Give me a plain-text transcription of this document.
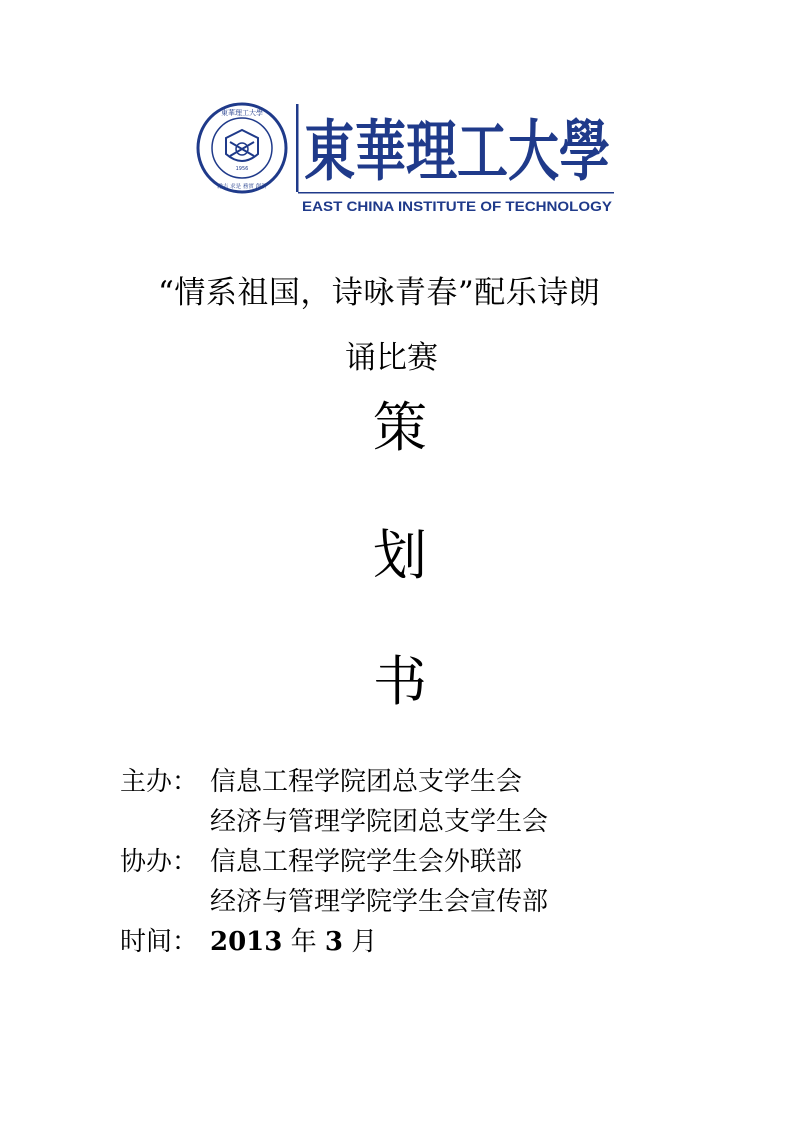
1956
東華理工大學
勵志 求是 務實 創新 東華理工大學
EAST CHINA INSTITUTE OF TECHNOLOGY
“情系祖国，诗咏青春”配乐诗朗
诵比赛
策
划
书
主办： 信息工程学院团总支学生会
经济与管理学院团总支学生会
协办： 信息工程学院学生会外联部
经济与管理学院学生会宣传部
时间： 2013 年 3 月
